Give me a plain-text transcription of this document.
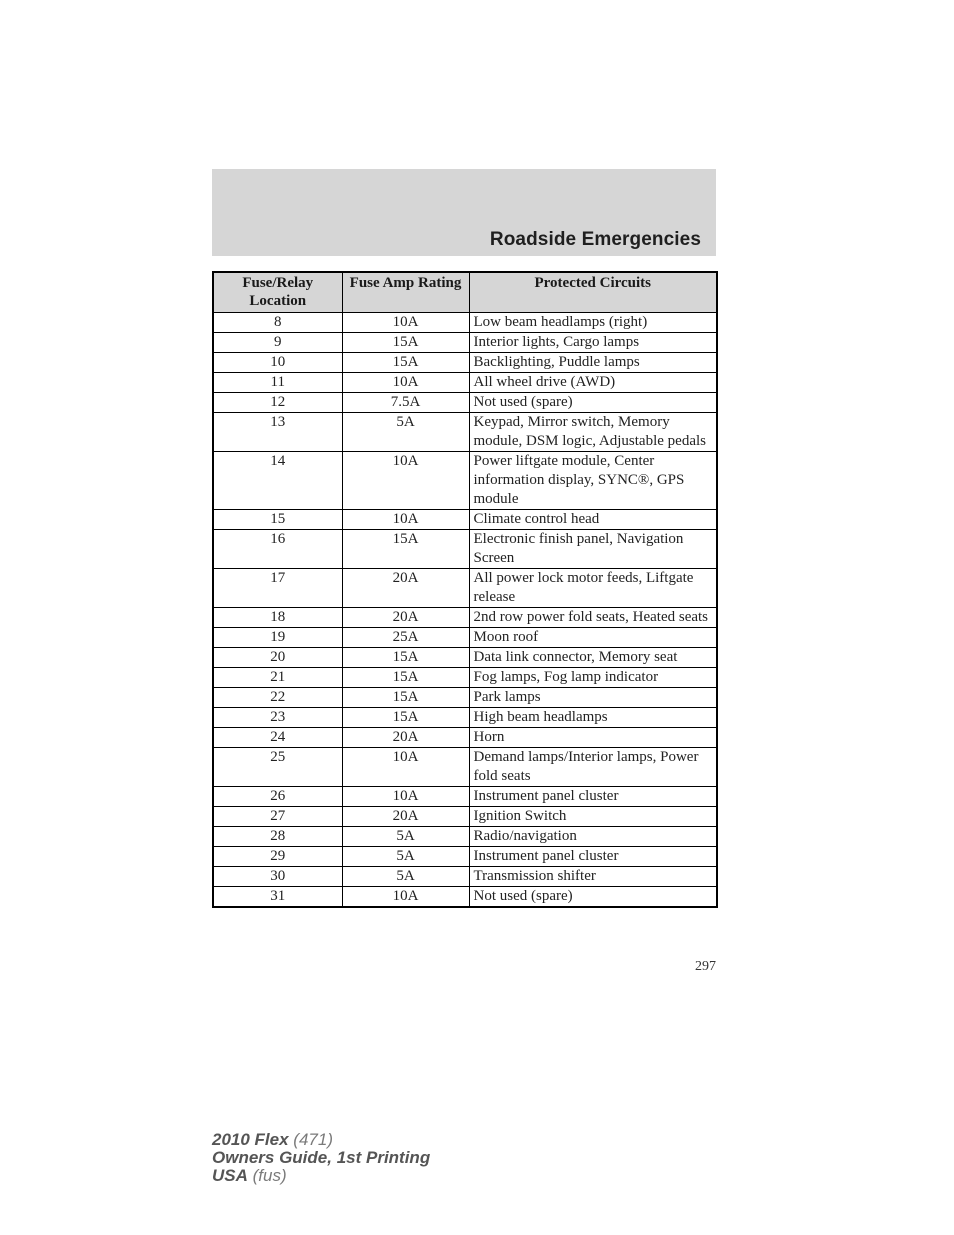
Roadside Emergencies
Fuse/Relay Location	Fuse Amp Rating	Protected Circuits
8	10A	Low beam headlamps (right)
9	15A	Interior lights, Cargo lamps
10	15A	Backlighting, Puddle lamps
11	10A	All wheel drive (AWD)
12	7.5A	Not used (spare)
13	5A	Keypad, Mirror switch, Memory module, DSM logic, Adjustable pedals
14	10A	Power liftgate module, Center information display, SYNC®, GPS module
15	10A	Climate control head
16	15A	Electronic finish panel, Navigation Screen
17	20A	All power lock motor feeds, Liftgate release
18	20A	2nd row power fold seats, Heated seats
19	25A	Moon roof
20	15A	Data link connector, Memory seat
21	15A	Fog lamps, Fog lamp indicator
22	15A	Park lamps
23	15A	High beam headlamps
24	20A	Horn
25	10A	Demand lamps/Interior lamps, Power fold seats
26	10A	Instrument panel cluster
27	20A	Ignition Switch
28	5A	Radio/navigation
29	5A	Instrument panel cluster
30	5A	Transmission shifter
31	10A	Not used (spare)
297
2010 Flex (471)
Owners Guide, 1st Printing
USA (fus)
